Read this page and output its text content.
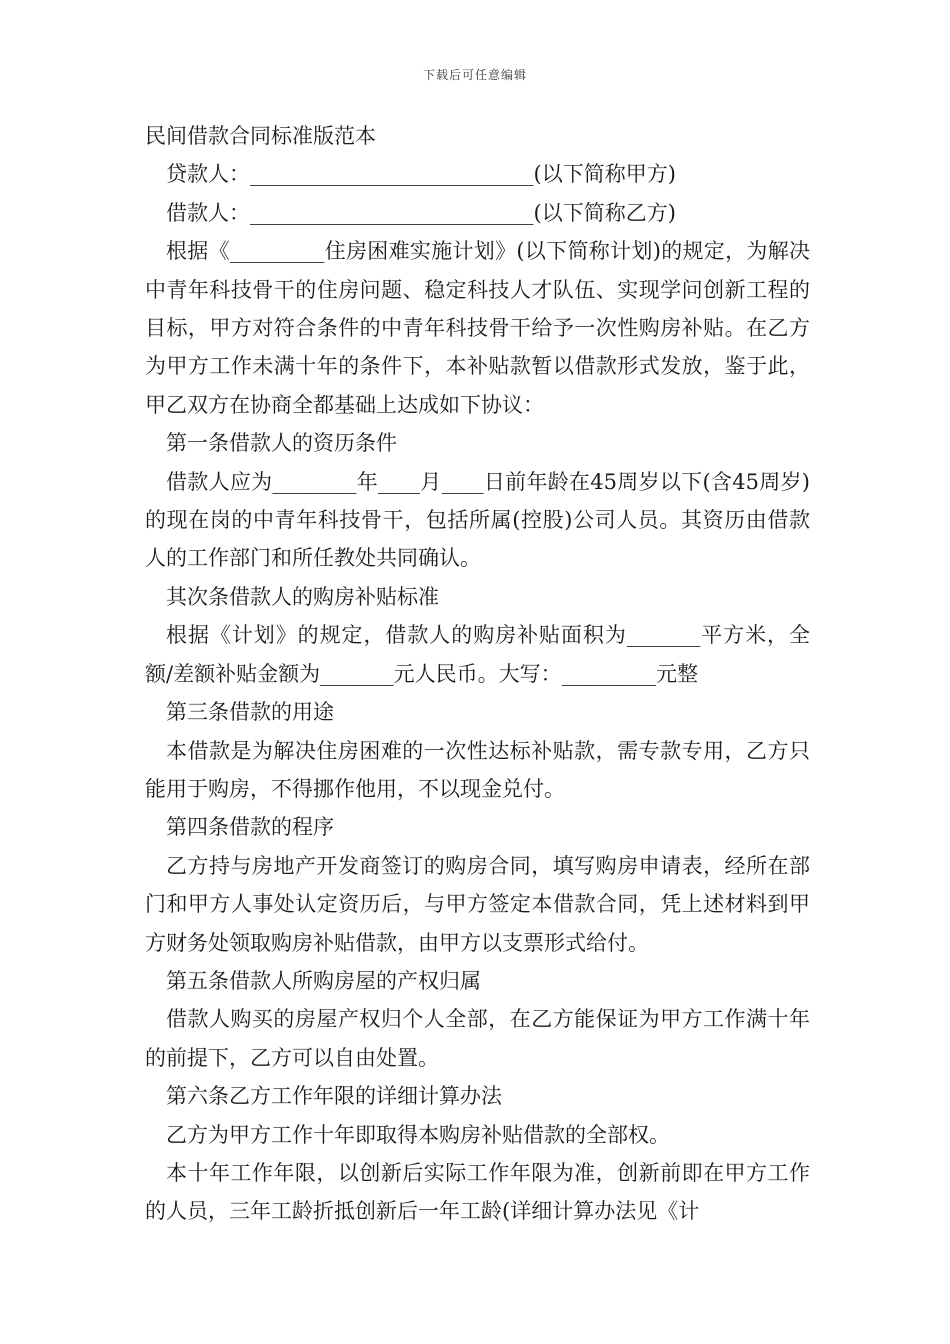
下载后可任意编辑

民间借款合同标准版范本

贷款人：___________________________(以下简称甲方)

借款人：___________________________(以下简称乙方)

根据《_________住房困难实施计划》(以下简称计划)的规定，为解决中青年科技骨干的住房问题、稳定科技人才队伍、实现学问创新工程的目标，甲方对符合条件的中青年科技骨干给予一次性购房补贴。在乙方为甲方工作未满十年的条件下，本补贴款暂以借款形式发放，鉴于此，甲乙双方在协商全都基础上达成如下协议：

第一条借款人的资历条件

借款人应为________年____月____日前年龄在45周岁以下(含45周岁)的现在岗的中青年科技骨干，包括所属(控股)公司人员。其资历由借款人的工作部门和所任教处共同确认。

其次条借款人的购房补贴标准

根据《计划》的规定，借款人的购房补贴面积为_______平方米，全额/差额补贴金额为_______元人民币。大写：_________元整

第三条借款的用途

本借款是为解决住房困难的一次性达标补贴款，需专款专用，乙方只能用于购房，不得挪作他用，不以现金兑付。

第四条借款的程序

乙方持与房地产开发商签订的购房合同，填写购房申请表，经所在部门和甲方人事处认定资历后，与甲方签定本借款合同，凭上述材料到甲方财务处领取购房补贴借款，由甲方以支票形式给付。

第五条借款人所购房屋的产权归属

借款人购买的房屋产权归个人全部，在乙方能保证为甲方工作满十年的前提下，乙方可以自由处置。

第六条乙方工作年限的详细计算办法

乙方为甲方工作十年即取得本购房补贴借款的全部权。

本十年工作年限，以创新后实际工作年限为准，创新前即在甲方工作的人员，三年工龄折抵创新后一年工龄(详细计算办法见《计
